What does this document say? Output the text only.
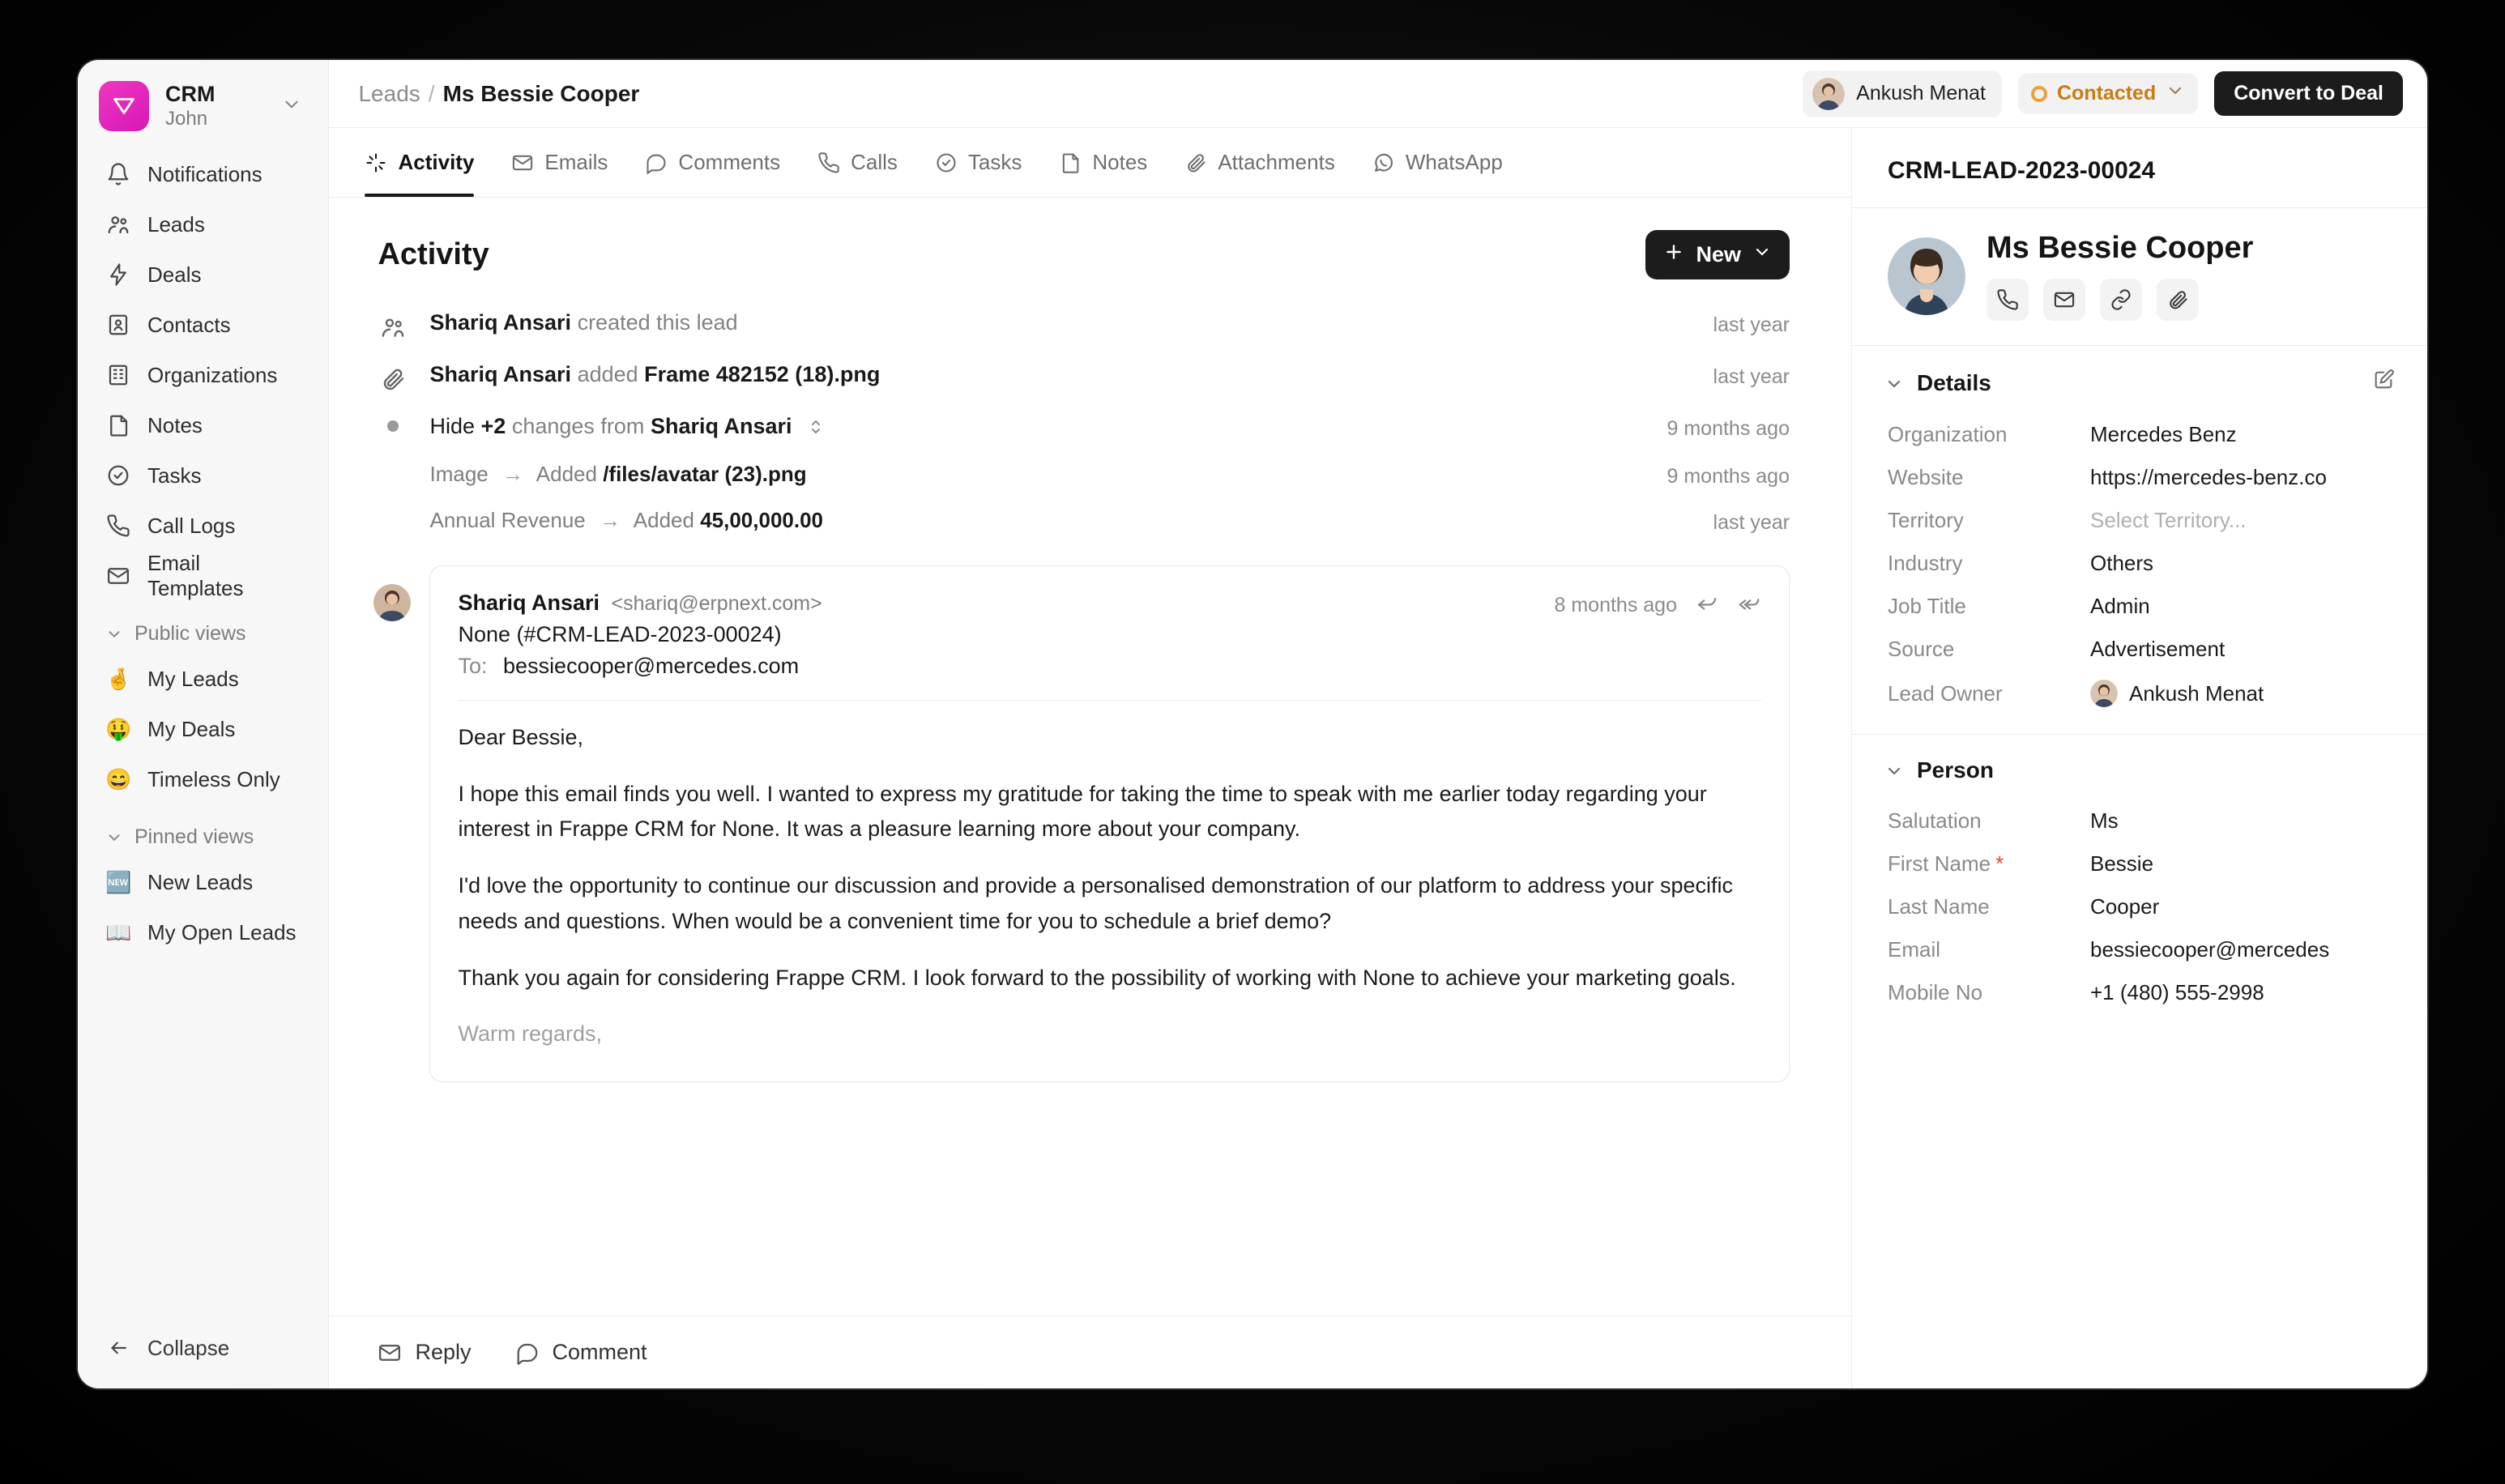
CRM
John
Notifications
Leads
Deals
Contacts
Organizations
Notes
Tasks
Call Logs
Email Templates
Public views
🤞 My Leads
🤑 My Deals
😄 Timeless Only
Pinned views
🆕 New Leads
📖 My Open Leads
Collapse
Leads / Ms Bessie Cooper	Ankush Menat	Contacted	Convert to Deal
Activity	Emails	Comments	Calls	Tasks	Notes	Attachments	WhatsApp
Activity	New
Shariq Ansari created this lead	last year
Shariq Ansari added Frame 482152 (18).png	last year
Hide +2 changes from Shariq Ansari	9 months ago
Image → Added /files/avatar (23).png	9 months ago
Annual Revenue → Added 45,00,000.00	last year
Shariq Ansari <shariq@erpnext.com>
None (#CRM-LEAD-2023-00024)
To: bessiecooper@mercedes.com
8 months ago

Dear Bessie,

I hope this email finds you well. I wanted to express my gratitude for taking the time to speak with me earlier today regarding your interest in Frappe CRM for None. It was a pleasure learning more about your company.

I'd love the opportunity to continue our discussion and provide a personalised demonstration of our platform to address your specific needs and questions. When would be a convenient time for you to schedule a brief demo?

Thank you again for considering Frappe CRM. I look forward to the possibility of working with None to achieve your marketing goals.

Warm regards,

Reply	Comment
CRM-LEAD-2023-00024
Ms Bessie Cooper
Details
Organization	Mercedes Benz
Website	https://mercedes-benz.co
Territory	Select Territory...
Industry	Others
Job Title	Admin
Source	Advertisement
Lead Owner	Ankush Menat
Person
Salutation	Ms
First Name *	Bessie
Last Name	Cooper
Email	bessiecooper@mercedes
Mobile No	+1 (480) 555-2998
